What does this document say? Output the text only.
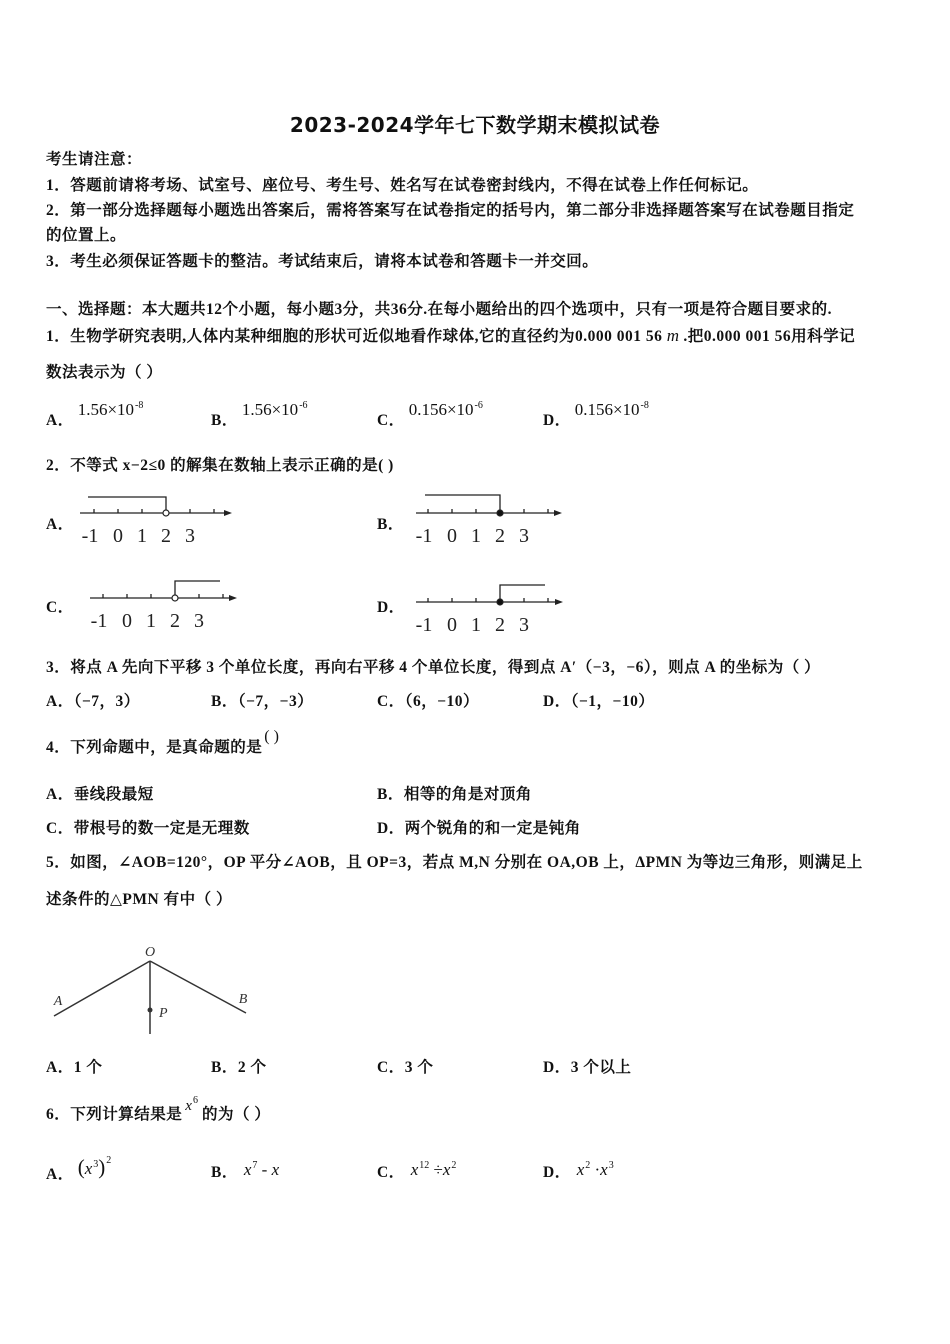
2023-2024学年七下数学期末模拟试卷
考生请注意：
1．答题前请将考场、试室号、座位号、考生号、姓名写在试卷密封线内，不得在试卷上作任何标记。
2．第一部分选择题每小题选出答案后，需将答案写在试卷指定的括号内，第二部分非选择题答案写在试卷题目指定
的位置上。
3．考生必须保证答题卡的整洁。考试结束后，请将本试卷和答题卡一并交回。
一、选择题：本大题共12个小题，每小题3分，共36分.在每小题给出的四个选项中，只有一项是符合题目要求的.
1．生物学研究表明,人体内某种细胞的形状可近似地看作球体,它的直径约为0.000 001 56 m .把0.000 001 56用科学记
数法表示为（ ）
A．$1.56\times 10^{-8}$
B．$1.56\times 10^{-6}$
C．$0.156\times 10^{-6}$
D．$0.156\times 10^{-8}$
2．不等式 x−2≤0 的解集在数轴上表示正确的是( )
A．	B．
C．	D．
-1 0 1 2 3	-1 0 1 2 3
-1 0 1 2 3	-1 0 1 2 3
3．将点 A 先向下平移 3 个单位长度，再向右平移 4 个单位长度，得到点 A′（−3，−6），则点 A 的坐标为（ ）
A．（−7，3）	B．（−7，−3）	C．（6，−10）	D．（−1，−10）
4．下列命题中，是真命题的是( )
A．垂线段最短	B．相等的角是对顶角
C．带根号的数一定是无理数	D．两个锐角的和一定是钝角
5．如图，∠AOB=120°，OP 平分∠AOB，且 OP=3，若点 M,N 分别在 OA,OB 上，ΔPMN 为等边三角形，则满足上
述条件的△PMN 有中（ ）
O
A	B
P
A．1 个	B．2 个	C．3 个	D．3 个以上
6．下列计算结果是 $x^6$的为（ ）
A． $(x^3)^2$
B． $x^7$ - x	C． $x^{12} \div x^2$	D． $x^2 \cdot x^3$
